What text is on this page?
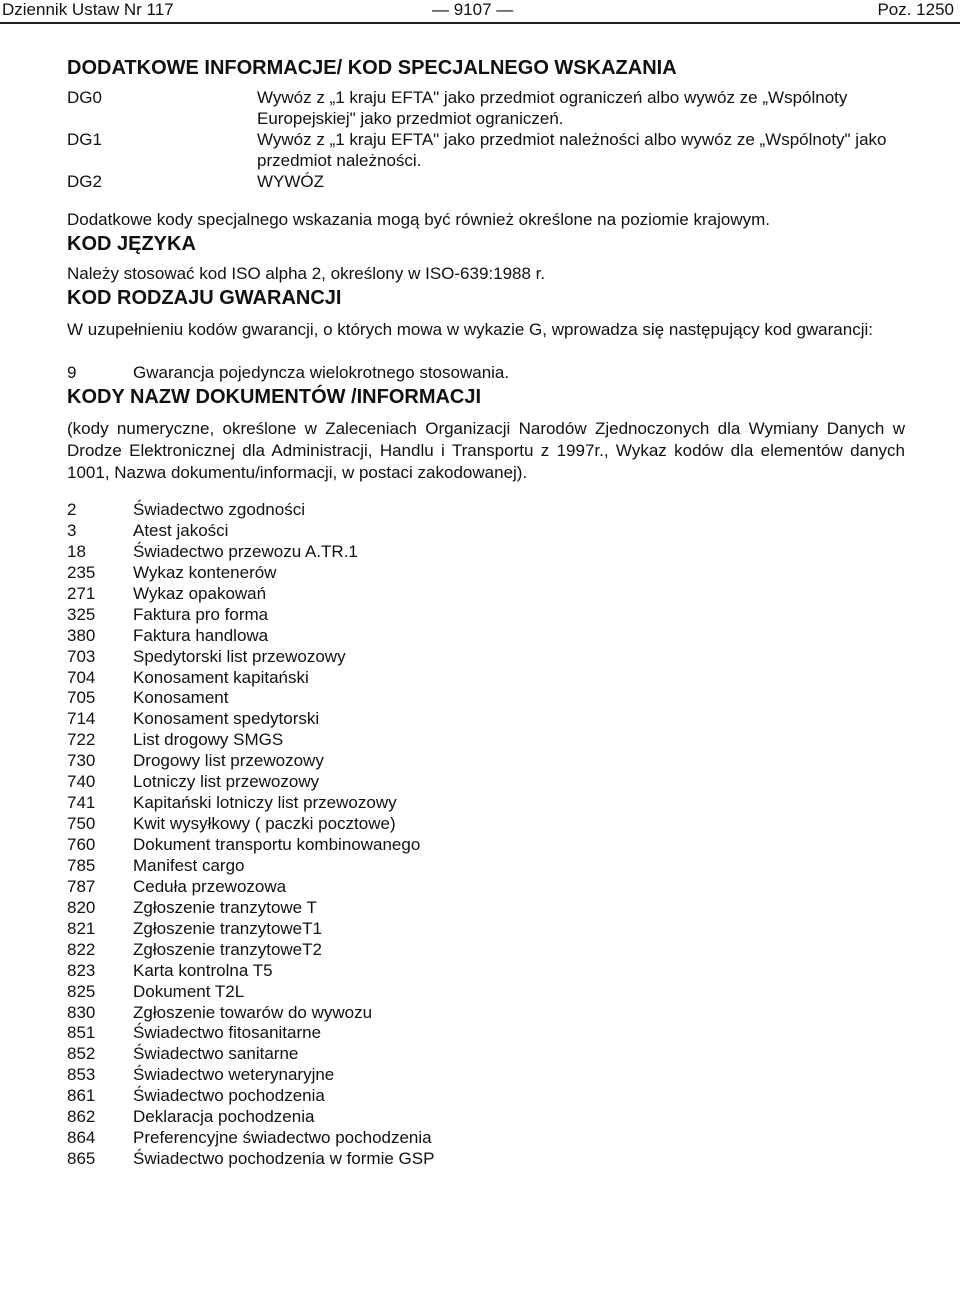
Dziennik Ustaw Nr 117	— 9107 —	Poz. 1250
DODATKOWE INFORMACJE/ KOD SPECJALNEGO WSKAZANIA
DG0	Wywóz z „1 kraju EFTA" jako przedmiot ograniczeń albo wywóz ze „Wspólnoty Europejskiej" jako przedmiot ograniczeń.
DG1	Wywóz z „1 kraju EFTA" jako przedmiot należności albo wywóz ze „Wspólnoty" jako przedmiot należności.
DG2	WYWÓZ

Dodatkowe kody specjalnego wskazania mogą być również określone na poziomie krajowym.

KOD JĘZYKA

Należy stosować kod ISO alpha 2, określony w ISO-639:1988 r.

KOD RODZAJU GWARANCJI

W uzupełnieniu kodów gwarancji, o których mowa w wykazie G, wprowadza się następujący kod gwarancji:

9	Gwarancja pojedyncza wielokrotnego stosowania.
KODY NAZW DOKUMENTÓW /INFORMACJI

(kody numeryczne, określone w Zaleceniach Organizacji Narodów Zjednoczonych dla Wymiany Danych w Drodze Elektronicznej dla Administracji, Handlu i Transportu z 1997r., Wykaz kodów dla elementów danych 1001, Nazwa dokumentu/informacji, w postaci zakodowanej).

2	Świadectwo zgodności
3	Atest jakości
18	Świadectwo przewozu A.TR.1
235	Wykaz kontenerów
271	Wykaz opakowań
325	Faktura pro forma
380	Faktura handlowa
703	Spedytorski list przewozowy
704	Konosament kapitański
705	Konosament
714	Konosament spedytorski
722	List drogowy SMGS
730	Drogowy list przewozowy
740	Lotniczy list przewozowy
741	Kapitański lotniczy list przewozowy
750	Kwit wysyłkowy ( paczki pocztowe)
760	Dokument transportu kombinowanego
785	Manifest cargo
787	Ceduła przewozowa
820	Zgłoszenie tranzytowe T
821	Zgłoszenie tranzytoweT1
822	Zgłoszenie tranzytoweT2
823	Karta kontrolna T5
825	Dokument T2L
830	Zgłoszenie towarów do wywozu
851	Świadectwo fitosanitarne
852	Świadectwo sanitarne
853	Świadectwo weterynaryjne
861	Świadectwo pochodzenia
862	Deklaracja pochodzenia
864	Preferencyjne świadectwo pochodzenia
865	Świadectwo pochodzenia w formie GSP
